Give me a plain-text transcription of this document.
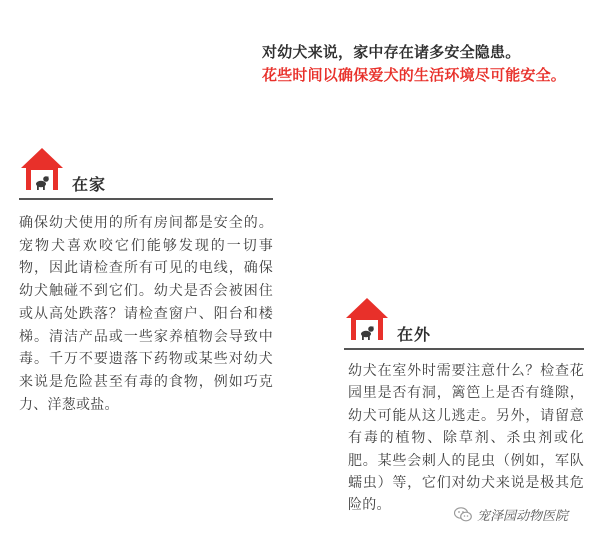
对幼犬来说，家中存在诸多安全隐患。
花些时间以确保爱犬的生活环境尽可能安全。
在家
确保幼犬使用的所有房间都是安全的。宠物犬喜欢咬它们能够发现的一切事物，因此请检查所有可见的电线，确保幼犬触碰不到它们。幼犬是否会被困住或从高处跌落？请检查窗户、阳台和楼梯。清洁产品或一些家养植物会导致中毒。千万不要遗落下药物或某些对幼犬来说是危险甚至有毒的食物，例如巧克力、洋葱或盐。
在外
幼犬在室外时需要注意什么？检查花园里是否有洞，篱笆上是否有缝隙，幼犬可能从这儿逃走。另外，请留意有毒的植物、除草剂、杀虫剂或化肥。某些会刺人的昆虫（例如，军队蠕虫）等，它们对幼犬来说是极其危险的。
宠泽园动物医院
